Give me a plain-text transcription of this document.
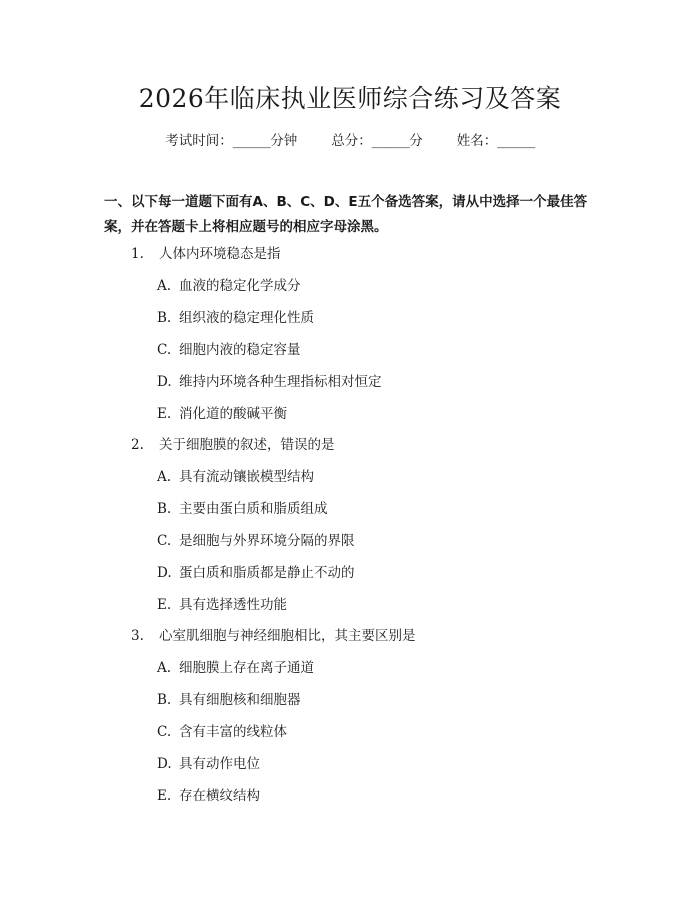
2026年临床执业医师综合练习及答案
考试时间：______分钟	总分：______分	姓名：______
一、以下每一道题下面有A、B、C、D、E五个备选答案，请从中选择一个最佳答案，并在答题卡上将相应题号的相应字母涂黑。
1. 人体内环境稳态是指
A. 血液的稳定化学成分
B. 组织液的稳定理化性质
C. 细胞内液的稳定容量
D. 维持内环境各种生理指标相对恒定
E. 消化道的酸碱平衡
2. 关于细胞膜的叙述，错误的是
A. 具有流动镶嵌模型结构
B. 主要由蛋白质和脂质组成
C. 是细胞与外界环境分隔的界限
D. 蛋白质和脂质都是静止不动的
E. 具有选择透性功能
3. 心室肌细胞与神经细胞相比，其主要区别是
A. 细胞膜上存在离子通道
B. 具有细胞核和细胞器
C. 含有丰富的线粒体
D. 具有动作电位
E. 存在横纹结构
